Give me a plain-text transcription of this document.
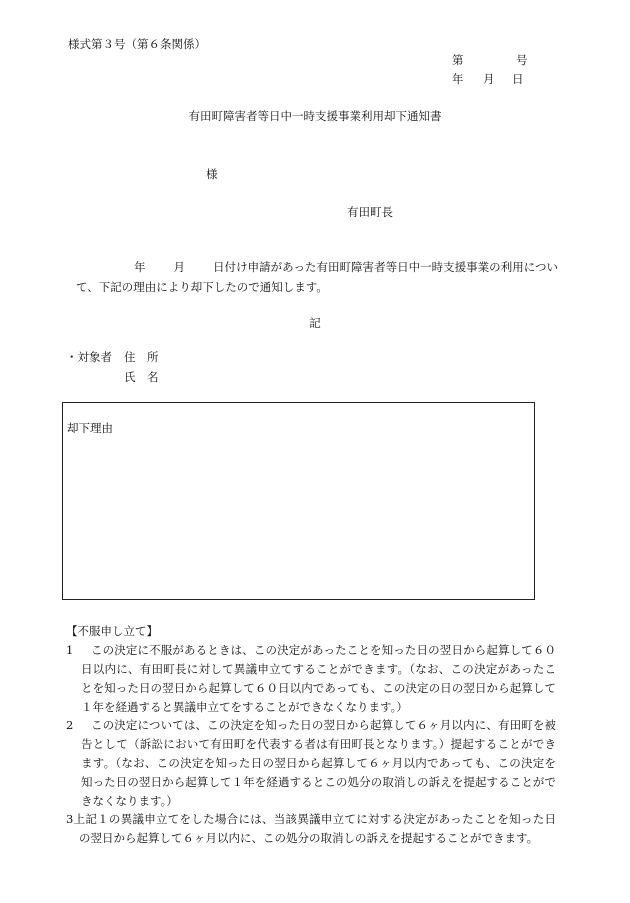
様式第３号（第６条関係）
第	号
年 月 日
有田町障害者等日中一時支援事業利用却下通知書
様
有田町長
年 月 日付け申請があった有田町障害者等日中一時支援事業の利用につい
て、下記の理由により却下したので通知します。
記
・対象者 住　所
氏　名
却下理由
【不服申し立て】
1	この決定に不服があるときは、この決定があったことを知った日の翌日から起算して６０日以内に、有田町長に対して異議申立てすることができます。（なお、この決定があったことを知った日の翌日から起算して６０日以内であっても、この決定の日の翌日から起算して１年を経過すると異議申立てをすることができなくなります。）
2	この決定については、この決定を知った日の翌日から起算して６ヶ月以内に、有田町を被告として（訴訟において有田町を代表する者は有田町長となります。）提起することができます。（なお、この決定を知った日の翌日から起算して６ヶ月以内であっても、この決定を知った日の翌日から起算して１年を経過するとこの処分の取消しの訴えを提起することができなくなります。）
3上記１の異議申立てをした場合には、当該異議申立てに対する決定があったことを知った日の翌日から起算して６ヶ月以内に、この処分の取消しの訴えを提起することができます。
